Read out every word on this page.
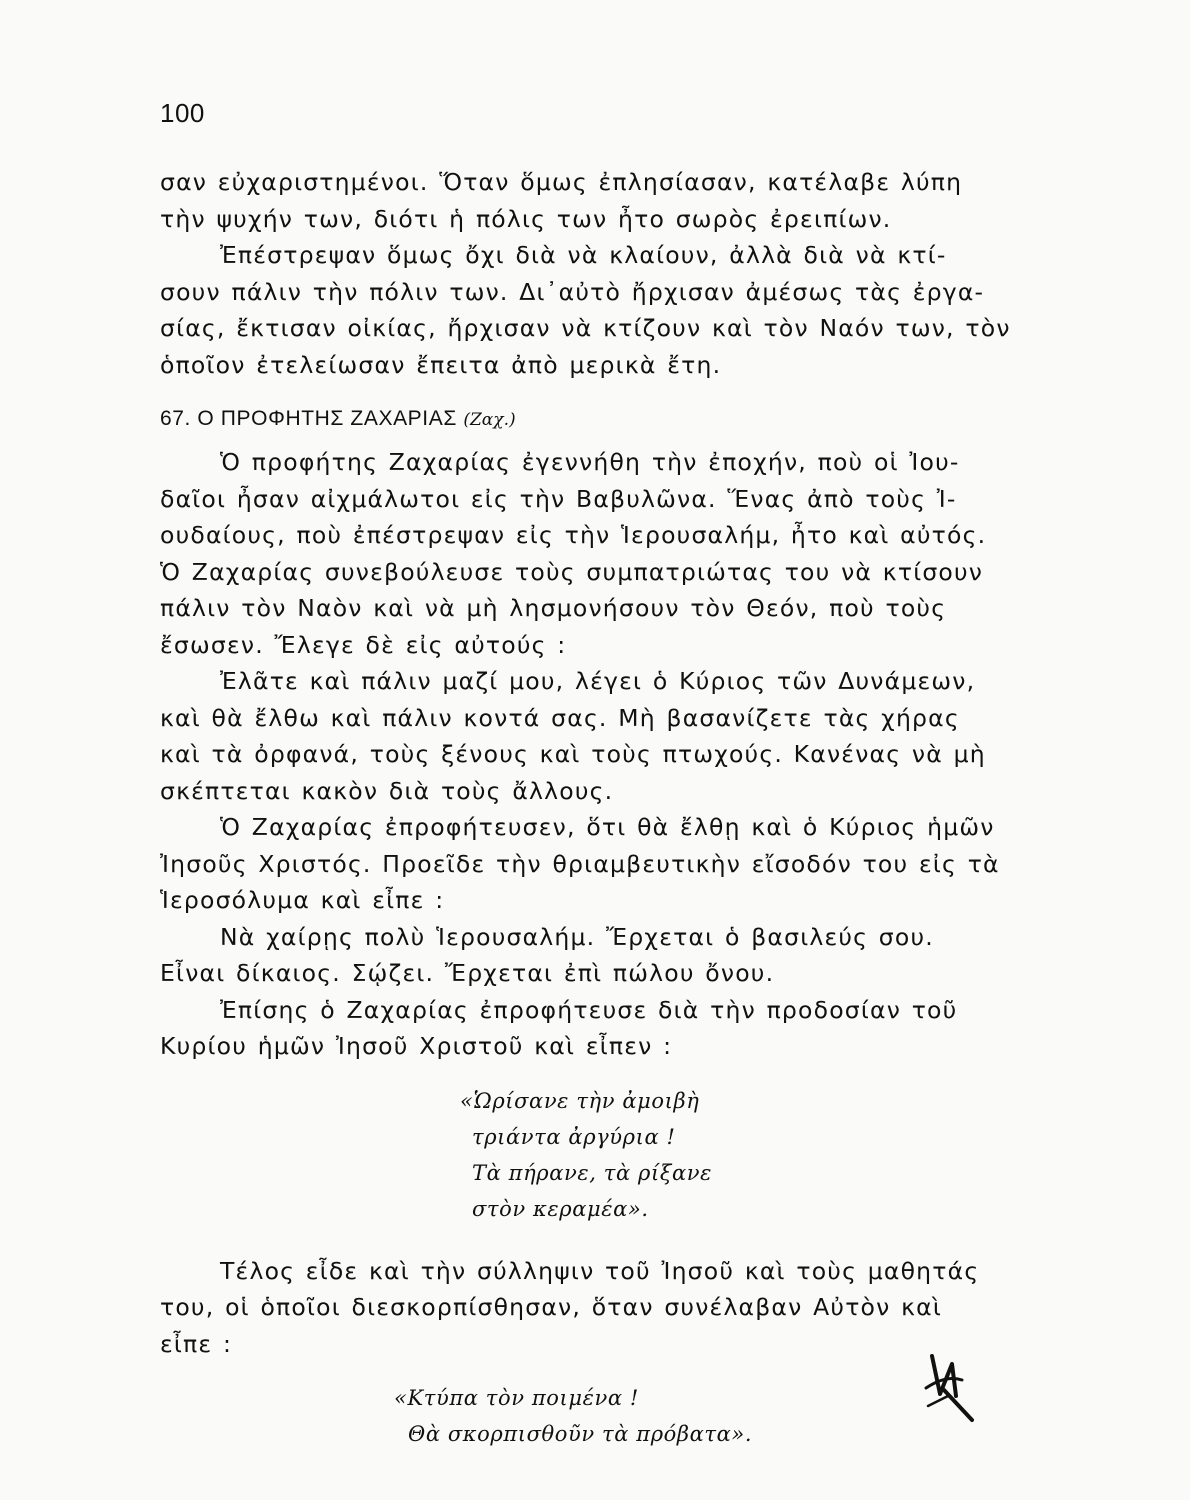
100

σαν εὐχαριστημένοι. Ὅταν ὅμως ἐπλησίασαν, κατέλαβε λύπη
τὴν ψυχήν των, διότι ἡ πόλις των ἦτο σωρὸς ἐρειπίων.

Ἐπέστρεψαν ὅμως ὄχι διὰ νὰ κλαίουν, ἀλλὰ διὰ νὰ κτί-
σουν πάλιν τὴν πόλιν των. Δι᾽αὐτὸ ἤρχισαν ἀμέσως τὰς ἐργα-
σίας, ἔκτισαν οἰκίας, ἤρχισαν νὰ κτίζουν καὶ τὸν Ναόν των, τὸν
ὁποῖον ἐτελείωσαν ἔπειτα ἀπὸ μερικὰ ἔτη.

67. Ο ΠΡΟΦΗΤΗΣ ΖΑΧΑΡΙΑΣ (Ζαχ.)

Ὁ προφήτης Ζαχαρίας ἐγεννήθη τὴν ἐποχήν, ποὺ οἱ Ἰου-
δαῖοι ἦσαν αἰχμάλωτοι εἰς τὴν Βαβυλῶνα. Ἕνας ἀπὸ τοὺς Ἰ-
ουδαίους, ποὺ ἐπέστρεψαν εἰς τὴν Ἱερουσαλήμ, ἦτο καὶ αὐτός.
Ὁ Ζαχαρίας συνεβούλευσε τοὺς συμπατριώτας του νὰ κτίσουν
πάλιν τὸν Ναὸν καὶ νὰ μὴ λησμονήσουν τὸν Θεόν, ποὺ τοὺς
ἔσωσεν. Ἔλεγε δὲ εἰς αὐτούς :

Ἐλᾶτε καὶ πάλιν μαζί μου, λέγει ὁ Κύριος τῶν Δυνάμεων,
καὶ θὰ ἔλθω καὶ πάλιν κοντά σας. Μὴ βασανίζετε τὰς χήρας
καὶ τὰ ὀρφανά, τοὺς ξένους καὶ τοὺς πτωχούς. Κανένας νὰ μὴ
σκέπτεται κακὸν διὰ τοὺς ἄλλους.

Ὁ Ζαχαρίας ἐπροφήτευσεν, ὅτι θὰ ἔλθῃ καὶ ὁ Κύριος ἡμῶν
Ἰησοῦς Χριστός. Προεῖδε τὴν θριαμβευτικὴν εἴσοδόν του εἰς τὰ
Ἱεροσόλυμα καὶ εἶπε :

Νὰ χαίρῃς πολὺ Ἱερουσαλήμ. Ἔρχεται ὁ βασιλεύς σου.
Εἶναι δίκαιος. Σῴζει. Ἔρχεται ἐπὶ πώλου ὄνου.

Ἐπίσης ὁ Ζαχαρίας ἐπροφήτευσε διὰ τὴν προδοσίαν τοῦ
Κυρίου ἡμῶν Ἰησοῦ Χριστοῦ καὶ εἶπεν :

«Ὡρίσανε τὴν ἀμοιβὴ
τριάντα ἀργύρια !
Τὰ πήρανε, τὰ ρίξανε
στὸν κεραμέα».

Τέλος εἶδε καὶ τὴν σύλληψιν τοῦ Ἰησοῦ καὶ τοὺς μαθητάς
του, οἱ ὁποῖοι διεσκορπίσθησαν, ὅταν συνέλαβαν Αὐτὸν καὶ
εἶπε :

«Κτύπα τὸν ποιμένα !
Θὰ σκορπισθοῦν τὰ πρόβατα».
